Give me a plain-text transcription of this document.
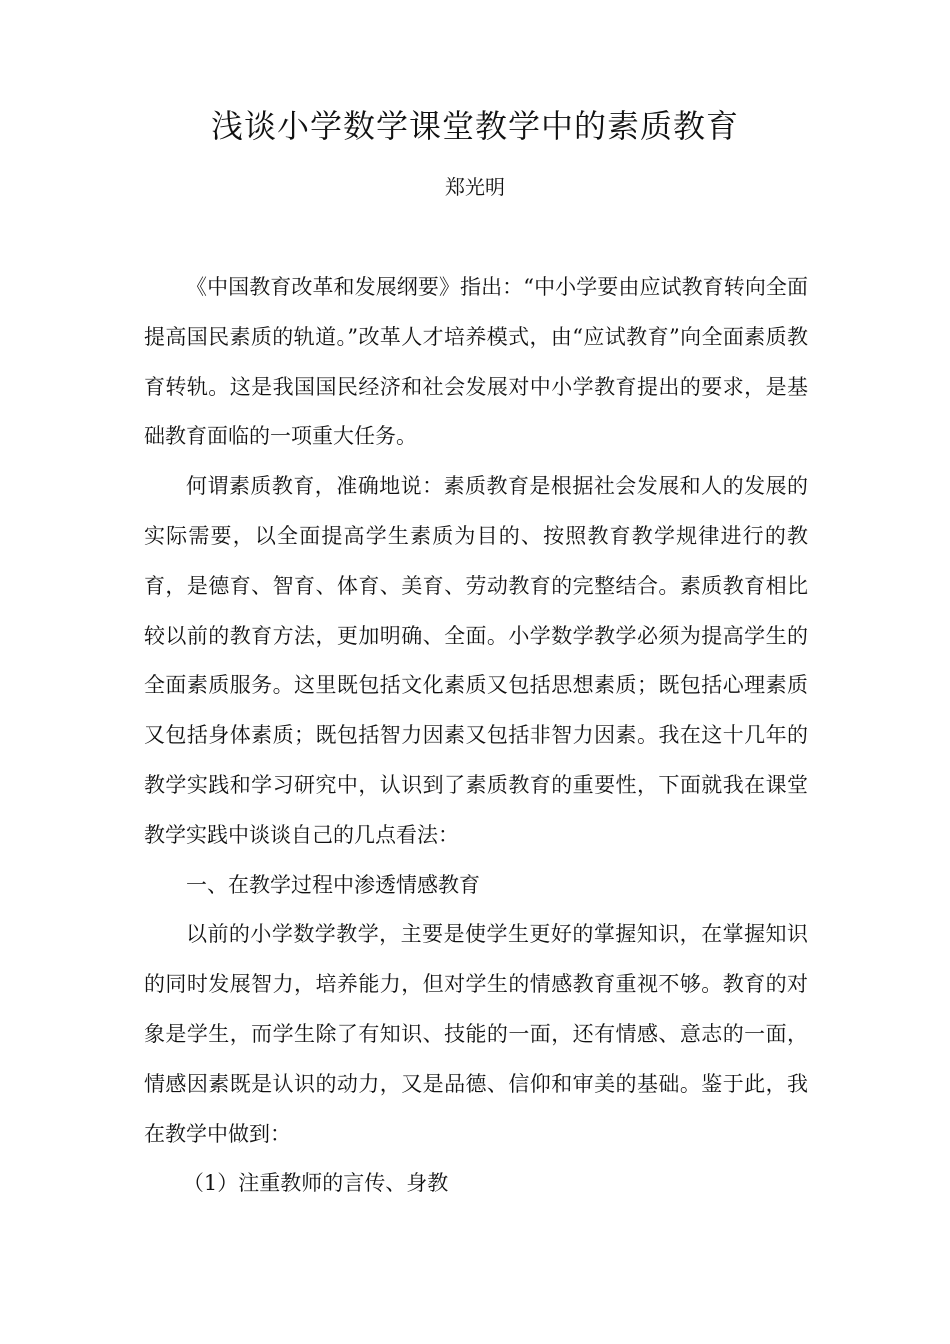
浅谈小学数学课堂教学中的素质教育
郑光明

《中国教育改革和发展纲要》指出：“中小学要由应试教育转向全面提高国民素质的轨道。”改革人才培养模式，由“应试教育”向全面素质教育转轨。这是我国国民经济和社会发展对中小学教育提出的要求，是基础教育面临的一项重大任务。

何谓素质教育，准确地说：素质教育是根据社会发展和人的发展的实际需要，以全面提高学生素质为目的、按照教育教学规律进行的教育，是德育、智育、体育、美育、劳动教育的完整结合。素质教育相比较以前的教育方法，更加明确、全面。小学数学教学必须为提高学生的全面素质服务。这里既包括文化素质又包括思想素质；既包括心理素质又包括身体素质；既包括智力因素又包括非智力因素。我在这十几年的教学实践和学习研究中，认识到了素质教育的重要性，下面就我在课堂教学实践中谈谈自己的几点看法：

一、在教学过程中渗透情感教育

以前的小学数学教学，主要是使学生更好的掌握知识，在掌握知识的同时发展智力，培养能力，但对学生的情感教育重视不够。教育的对象是学生，而学生除了有知识、技能的一面，还有情感、意志的一面，情感因素既是认识的动力，又是品德、信仰和审美的基础。鉴于此，我在教学中做到：

（1）注重教师的言传、身教
